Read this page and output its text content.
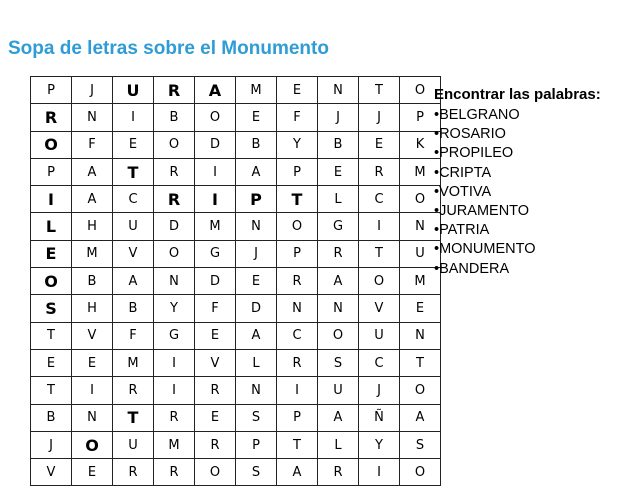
Sopa de letras sobre el Monumento
P	J	U	R	A	M	E	N	T	O
R	N	I	B	O	E	F	J	J	P
O	F	E	O	D	B	Y	B	E	K
P	A	T	R	I	A	P	E	R	M
I	A	C	R	I	P	T	L	C	O
L	H	U	D	M	N	O	G	I	N
E	M	V	O	G	J	P	R	T	U
O	B	A	N	D	E	R	A	O	M
S	H	B	Y	F	D	N	N	V	E
T	V	F	G	E	A	C	O	U	N
E	E	M	I	V	L	R	S	C	T
T	I	R	I	R	N	I	U	J	O
B	N	T	R	E	S	P	A	Ñ	A
J	O	U	M	R	P	T	L	Y	S
V	E	R	R	O	S	A	R	I	O
Encontrar las palabras:
•BELGRANO
•ROSARIO
•PROPILEO
•CRIPTA
•VOTIVA
•JURAMENTO
•PATRIA
•MONUMENTO
•BANDERA
